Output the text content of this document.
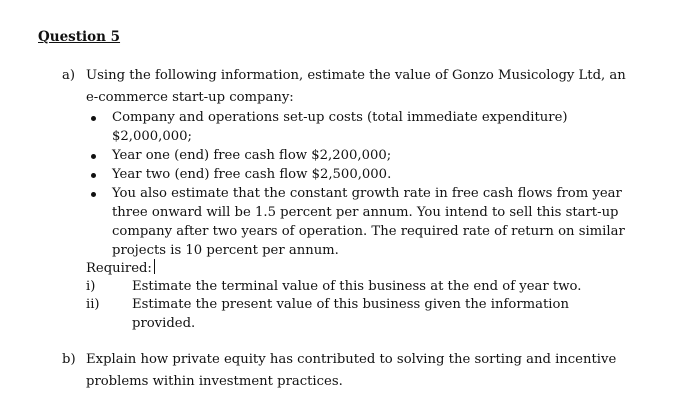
Question 5
a) Using the following information, estimate the value of Gonzo Musicology Ltd, an
e-commerce start-up company:
Company and operations set-up costs (total immediate expenditure)
$2,000,000;
Year one (end) free cash flow $2,200,000;
Year two (end) free cash flow $2,500,000.
You also estimate that the constant growth rate in free cash flows from year
three onward will be 1.5 percent per annum. You intend to sell this start-up
company after two years of operation. The required rate of return on similar
projects is 10 percent per annum.
Required:
i)	Estimate the terminal value of this business at the end of year two.
ii) Estimate the present value of this business given the information
provided.
b) Explain how private equity has contributed to solving the sorting and incentive
problems within investment practices.
